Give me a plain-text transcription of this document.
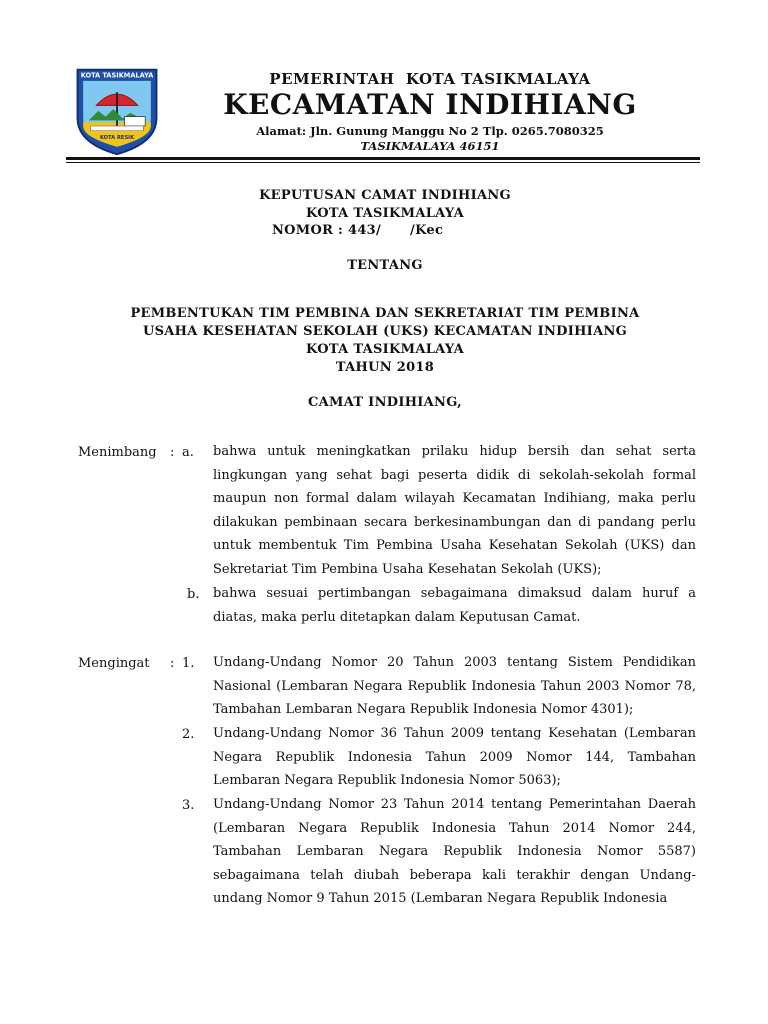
KOTA TASIKMALAYA
KOTA RESIK
PEMERINTAH  KOTA TASIKMALAYA
KECAMATAN INDIHIANG
Alamat: Jln. Gunung Manggu No 2 Tlp. 0265.7080325
TASIKMALAYA 46151
KEPUTUSAN CAMAT INDIHIANG
KOTA TASIKMALAYA
NOMOR : 443/      /Kec
TENTANG
PEMBENTUKAN TIM PEMBINA DAN SEKRETARIAT TIM PEMBINA
USAHA KESEHATAN SEKOLAH (UKS) KECAMATAN INDIHIANG
KOTA TASIKMALAYA
TAHUN 2018
CAMAT INDIHIANG,
Menimbang : a. bahwa untuk meningkatkan prilaku hidup bersih dan sehat serta lingkungan yang sehat bagi peserta didik di sekolah-sekolah formal maupun non formal dalam wilayah Kecamatan Indihiang, maka perlu dilakukan pembinaan secara berkesinambungan dan di pandang perlu untuk membentuk Tim Pembina Usaha Kesehatan Sekolah (UKS) dan Sekretariat Tim Pembina Usaha Kesehatan Sekolah (UKS);

b. bahwa sesuai pertimbangan sebagaimana dimaksud dalam huruf a diatas, maka perlu ditetapkan dalam Keputusan Camat.

Mengingat : 1. Undang-Undang Nomor 20 Tahun 2003 tentang Sistem Pendidikan Nasional (Lembaran Negara Republik Indonesia Tahun 2003 Nomor 78, Tambahan Lembaran Negara Republik Indonesia Nomor 4301);

2. Undang-Undang Nomor 36 Tahun 2009 tentang Kesehatan (Lembaran Negara Republik Indonesia Tahun 2009 Nomor 144, Tambahan Lembaran Negara Republik Indonesia Nomor 5063);

3. Undang-Undang Nomor 23 Tahun 2014 tentang Pemerintahan Daerah (Lembaran Negara Republik Indonesia Tahun 2014 Nomor 244, Tambahan Lembaran Negara Republik Indonesia Nomor 5587) sebagaimana telah diubah beberapa kali terakhir dengan Undang-undang Nomor 9 Tahun 2015 (Lembaran Negara Republik Indonesia
